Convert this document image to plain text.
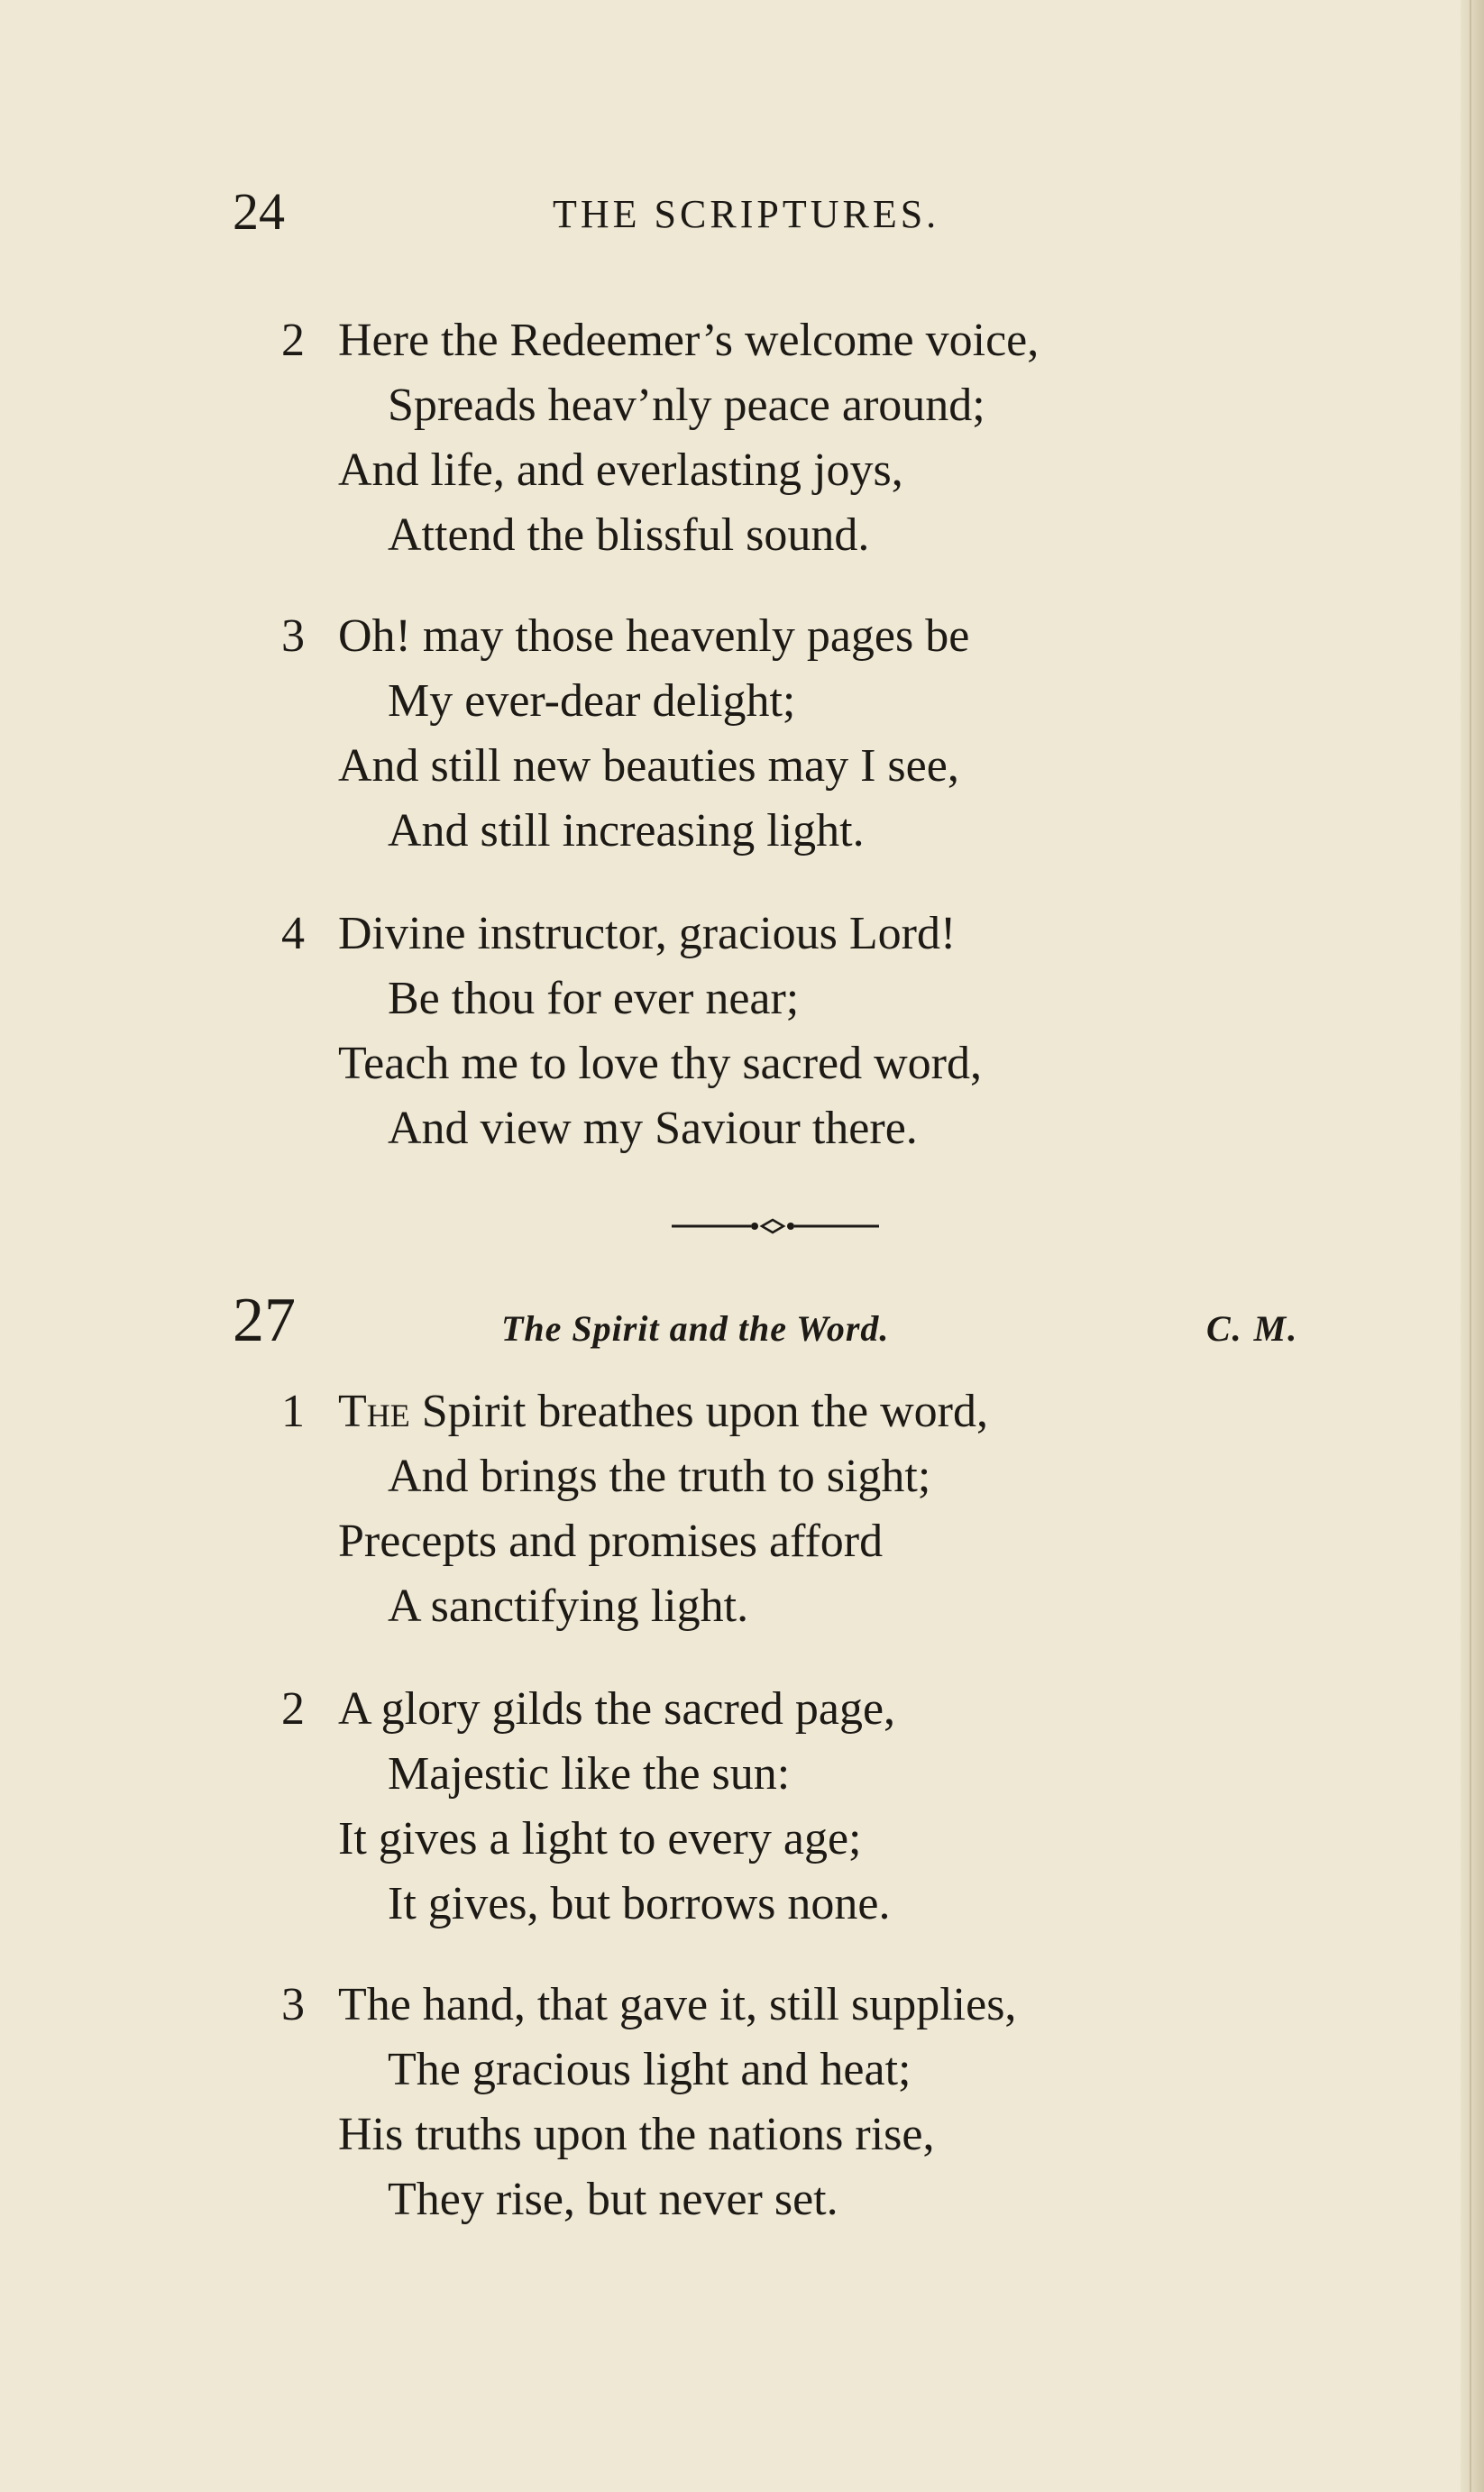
24	THE SCRIPTURES.
2 Here the Redeemer’s welcome voice,
Spreads heav’nly peace around;
And life, and everlasting joys,
Attend the blissful sound.
3 Oh! may those heavenly pages be
My ever-dear delight;
And still new beauties may I see,
And still increasing light.
4 Divine instructor, gracious Lord!
Be thou for ever near;
Teach me to love thy sacred word,
And view my Saviour there.
27	The Spirit and the Word.	C. M.
1 The Spirit breathes upon the word,
And brings the truth to sight;
Precepts and promises afford
A sanctifying light.
2 A glory gilds the sacred page,
Majestic like the sun:
It gives a light to every age;
It gives, but borrows none.
3 The hand, that gave it, still supplies,
The gracious light and heat;
His truths upon the nations rise,
They rise, but never set.
